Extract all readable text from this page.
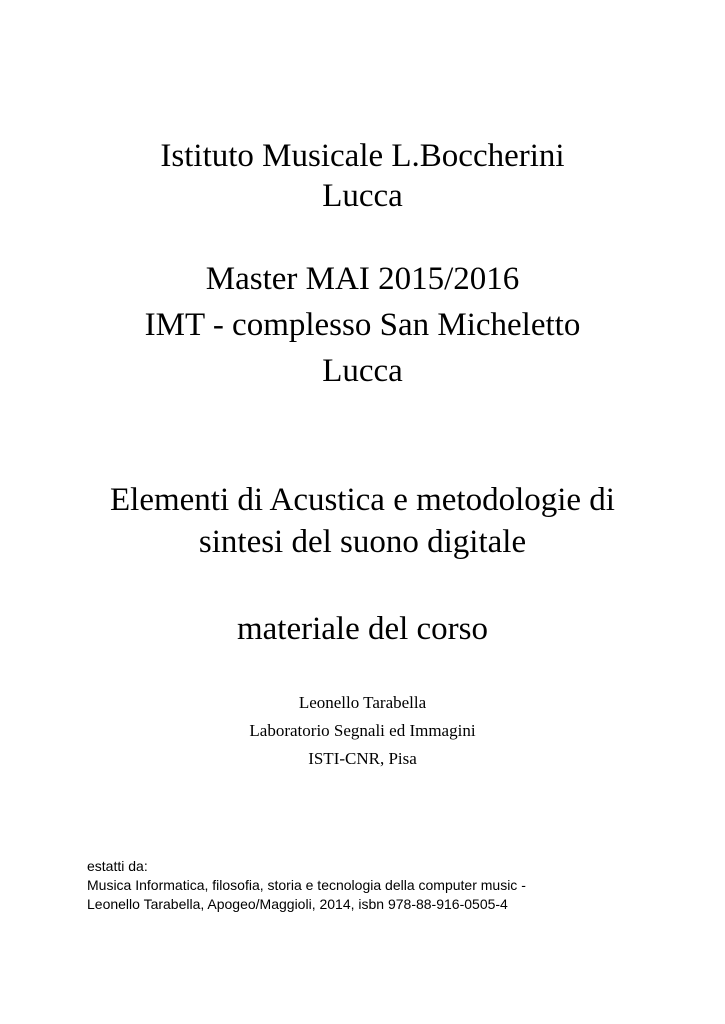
Istituto Musicale L.Boccherini
Lucca
Master MAI 2015/2016
IMT - complesso San Micheletto
Lucca
Elementi di Acustica e metodologie di
sintesi del suono digitale
materiale del corso
Leonello Tarabella
Laboratorio Segnali ed Immagini
ISTI-CNR, Pisa
estatti da:
Musica Informatica, filosofia, storia e tecnologia della computer music -
Leonello Tarabella, Apogeo/Maggioli, 2014, isbn 978-88-916-0505-4
